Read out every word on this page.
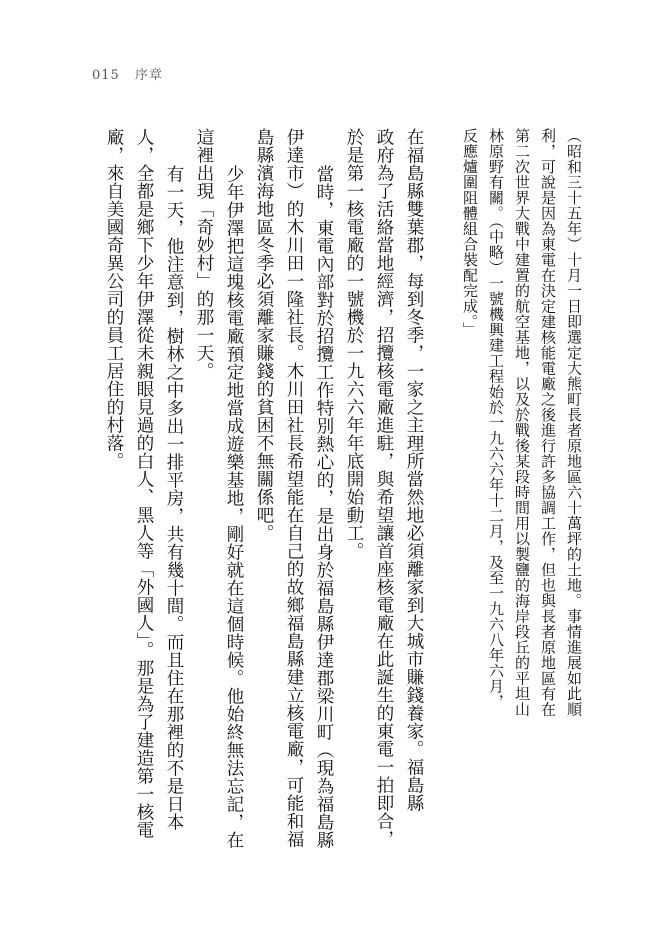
015 序章
（昭和三十五年）十月一日即選定大熊町長者原地區六十萬坪的土地。事情進展如此順
利，可說是因為東電在決定建核能電廠之後進行許多協調工作，但也與長者原地區有在
第二次世界大戰中建置的航空基地，以及於戰後某段時間用以製鹽的海岸段丘的平坦山
林原野有關。（中略）一號機興建工程始於一九六六年十二月，及至一九六八年六月，
反應爐圍阻體組合裝配完成。」
在福島縣雙葉郡，每到冬季，一家之主理所當然地必須離家到大城市賺錢養家。福島縣
政府為了活絡當地經濟，招攬核電廠進駐，與希望讓首座核電廠在此誕生的東電一拍即合，
於是第一核電廠的一號機於一九六六年年底開始動工。
當時，東電內部對於招攬工作特別熱心的，是出身於福島縣伊達郡梁川町（現為福島縣
伊達市）的木川田一隆社長。木川田社長希望能在自己的故鄉福島縣建立核電廠，可能和福
島縣濱海地區冬季必須離家賺錢的貧困不無關係吧。
少年伊澤把這塊核電廠預定地當成遊樂基地，剛好就在這個時候。他始終無法忘記，在
這裡出現「奇妙村」的那一天。
有一天，他注意到，樹林之中多出一排平房，共有幾十間。而且住在那裡的不是日本
人，全都是鄉下少年伊澤從未親眼見過的白人、黑人等「外國人」。那是為了建造第一核電
廠，來自美國奇異公司的員工居住的村落。
